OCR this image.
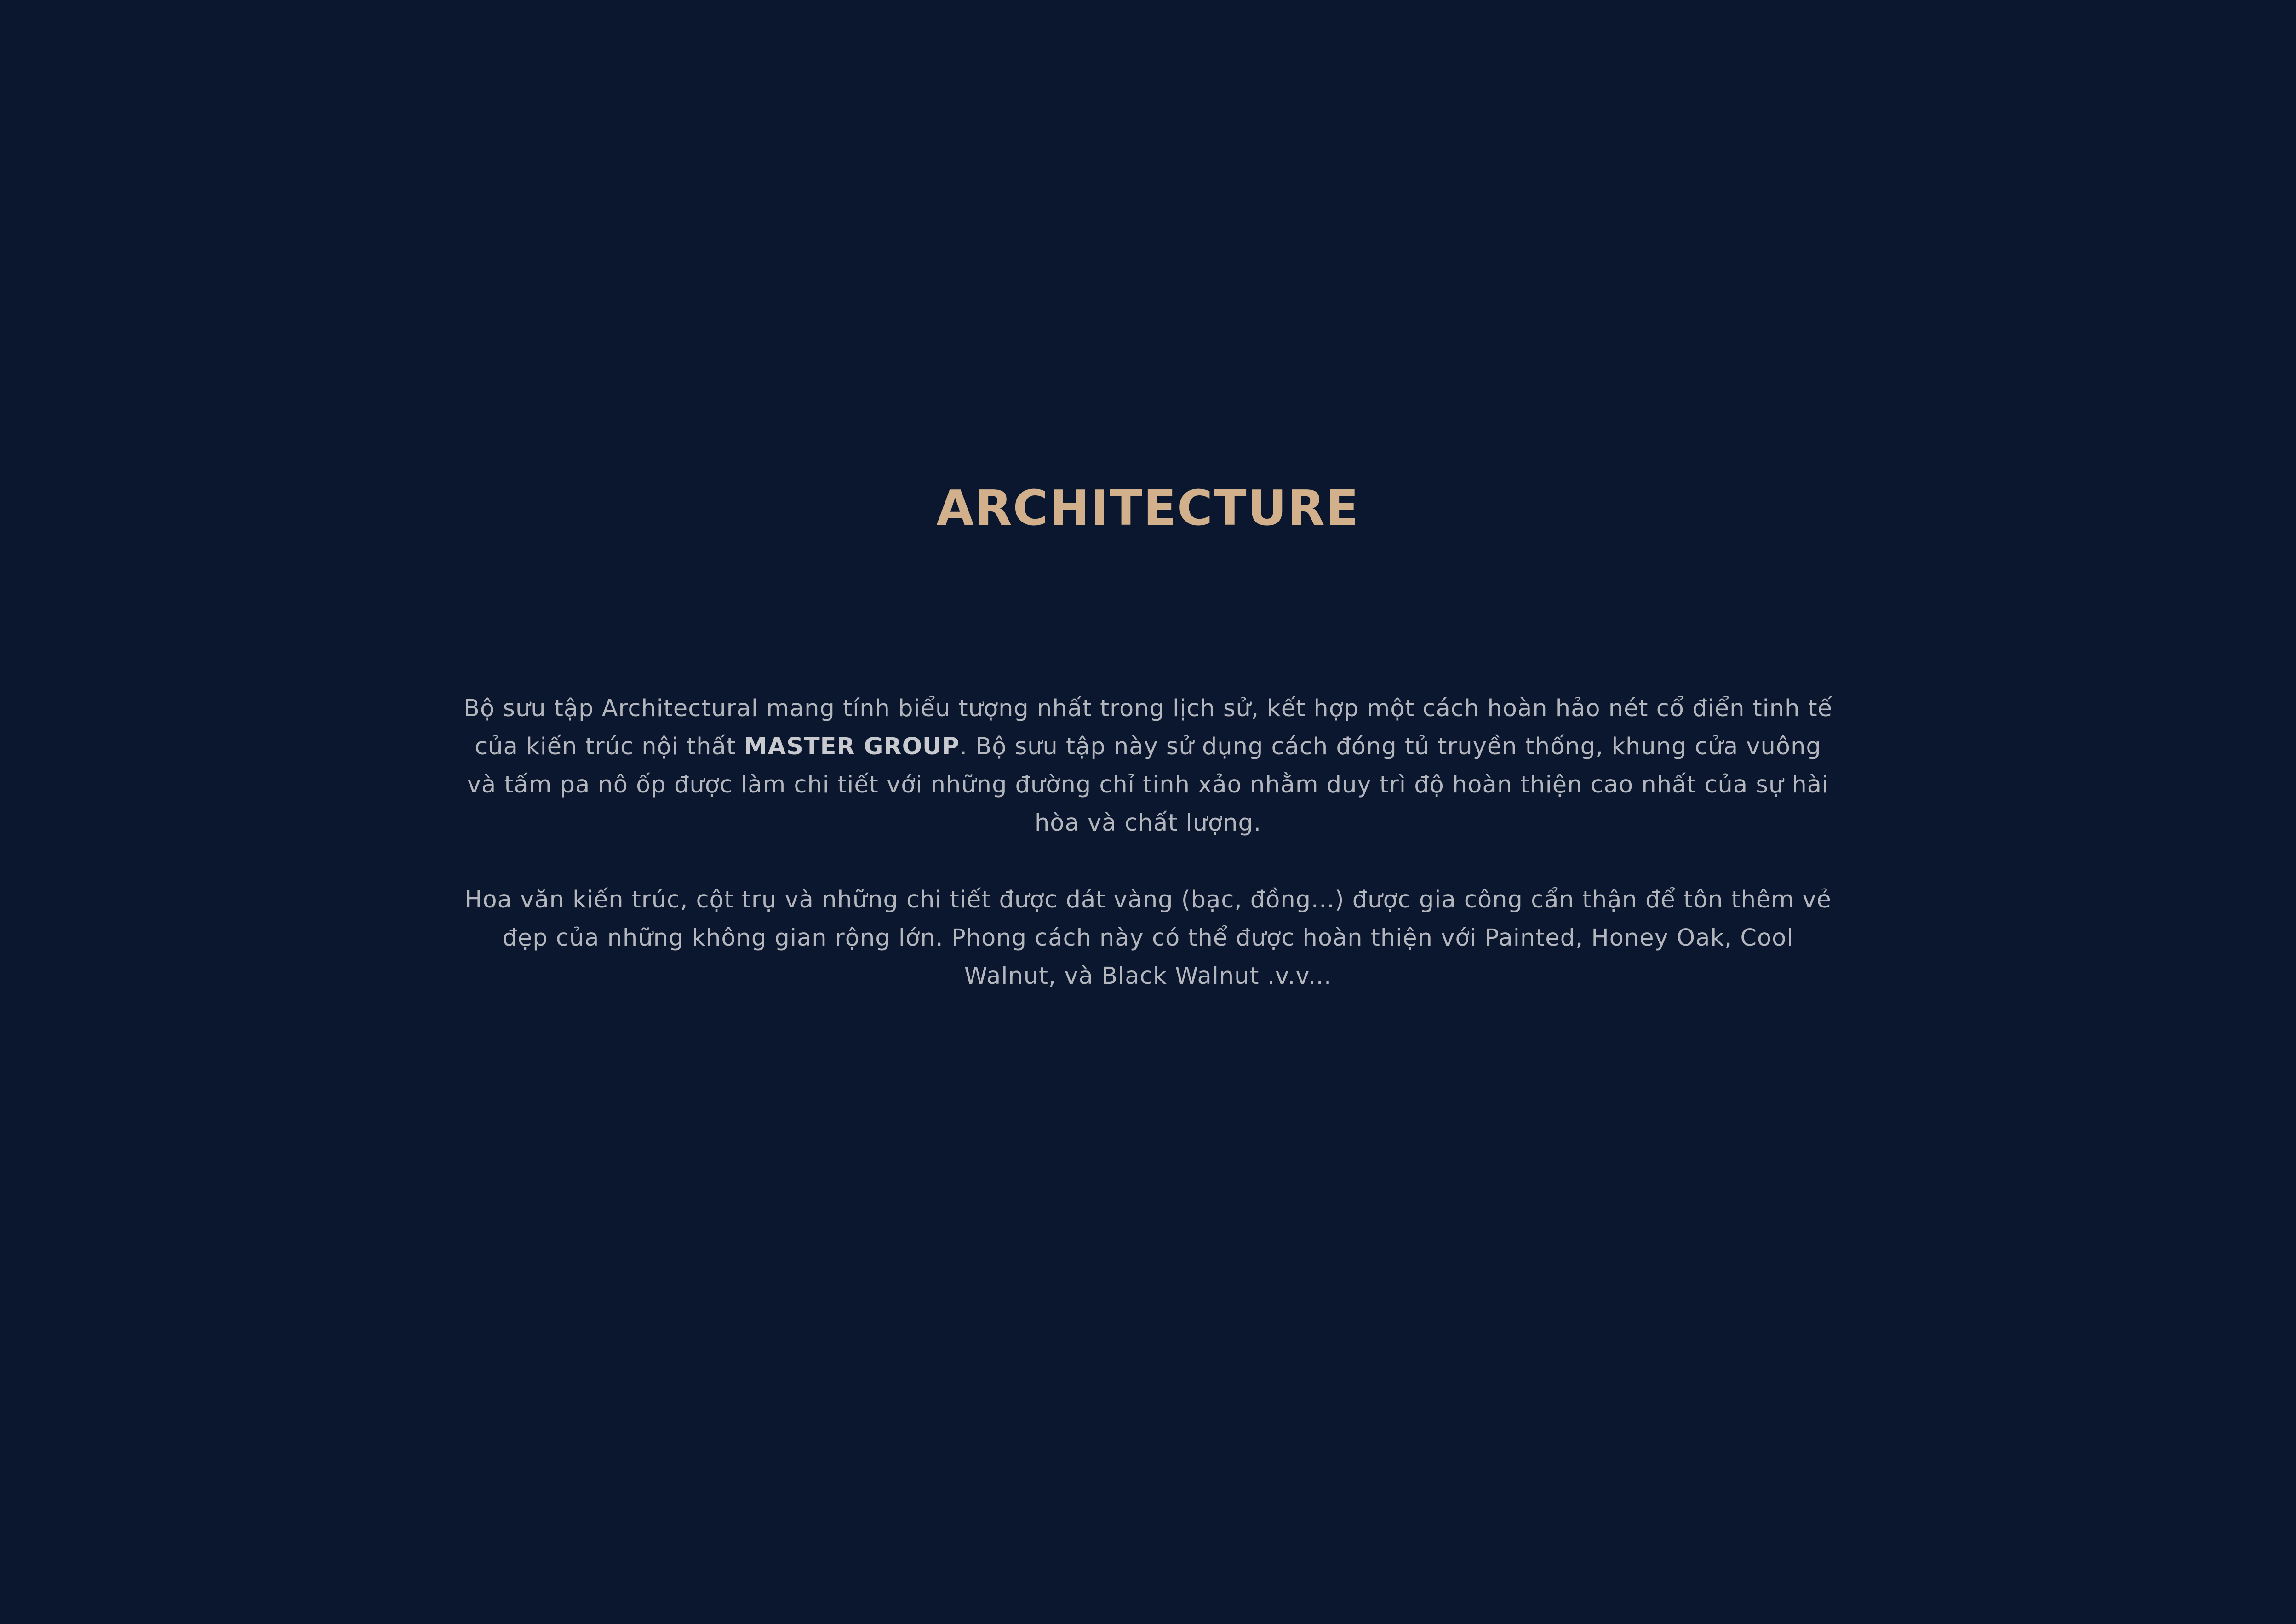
ARCHITECTURE

Bộ sưu tập Architectural mang tính biểu tượng nhất trong lịch sử, kết hợp một cách hoàn hảo nét cổ điển tinh tế của kiến trúc nội thất MASTER GROUP. Bộ sưu tập này sử dụng cách đóng tủ truyền thống, khung cửa vuông và tấm pa nô ốp được làm chi tiết với những đường chỉ tinh xảo nhằm duy trì độ hoàn thiện cao nhất của sự hài hòa và chất lượng.

Hoa văn kiến trúc, cột trụ và những chi tiết được dát vàng (bạc, đồng...) được gia công cẩn thận để tôn thêm vẻ đẹp của những không gian rộng lớn. Phong cách này có thể được hoàn thiện với Painted, Honey Oak, Cool Walnut, và Black Walnut .v.v...
